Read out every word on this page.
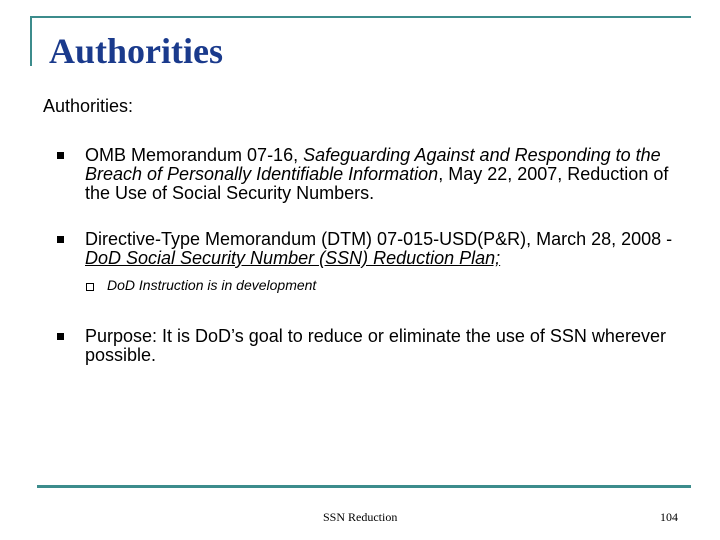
Authorities
Authorities:
OMB Memorandum 07-16, Safeguarding Against and Responding to the Breach of Personally Identifiable Information, May 22, 2007, Reduction of the Use of Social Security Numbers.
Directive-Type Memorandum (DTM) 07-015-USD(P&R), March 28, 2008 - DoD Social Security Number (SSN) Reduction Plan;
DoD Instruction is in development
Purpose: It is DoD’s goal to reduce or eliminate the use of SSN wherever possible.
SSN Reduction	104
